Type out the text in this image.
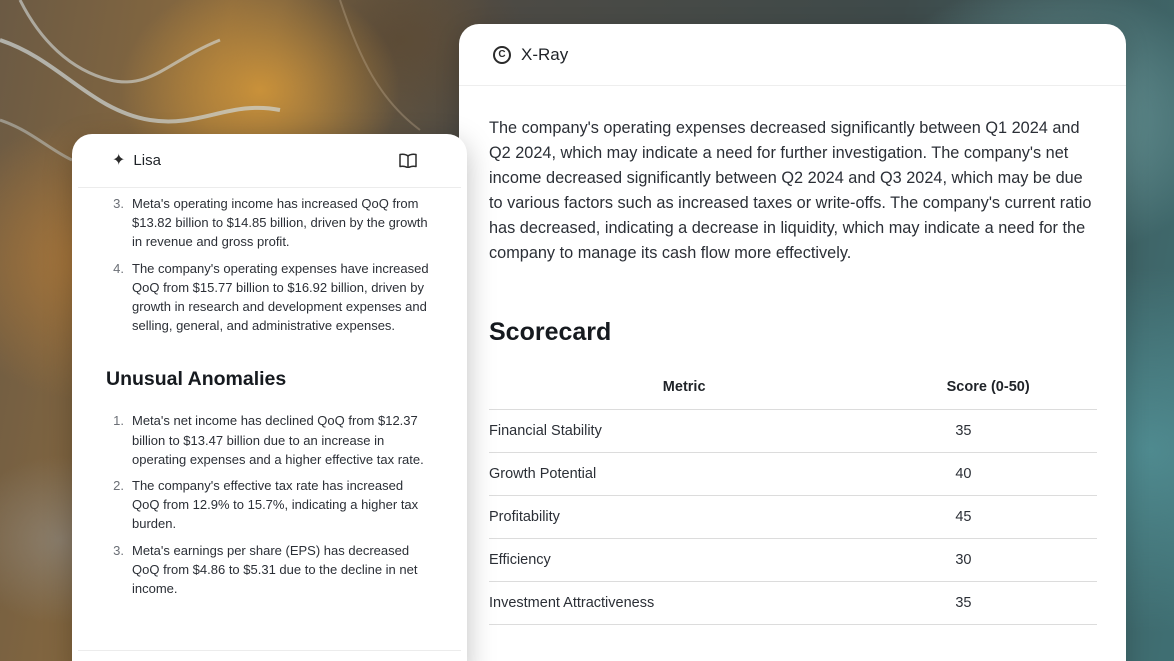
C X-Ray

The company's operating expenses decreased significantly between Q1 2024 and Q2 2024, which may indicate a need for further investigation. The company's net income decreased significantly between Q2 2024 and Q3 2024, which may be due to various factors such as increased taxes or write-offs. The company's current ratio has decreased, indicating a decrease in liquidity, which may indicate a need for the company to manage its cash flow more effectively.

Scorecard
Metric	Score (0-50)
Financial Stability	35
Growth Potential	40
Profitability	45
Efficiency	30
Investment Attractiveness	35
✦ Lisa
3. Meta's operating income has increased QoQ from $13.82 billion to $14.85 billion, driven by the growth in revenue and gross profit.
4. The company's operating expenses have increased QoQ from $15.77 billion to $16.92 billion, driven by growth in research and development expenses and selling, general, and administrative expenses.
Unusual Anomalies
1. Meta's net income has declined QoQ from $12.37 billion to $13.47 billion due to an increase in operating expenses and a higher effective tax rate.
2. The company's effective tax rate has increased QoQ from 12.9% to 15.7%, indicating a higher tax burden.
3. Meta's earnings per share (EPS) has decreased QoQ from $4.86 to $5.31 due to the decline in net income.
